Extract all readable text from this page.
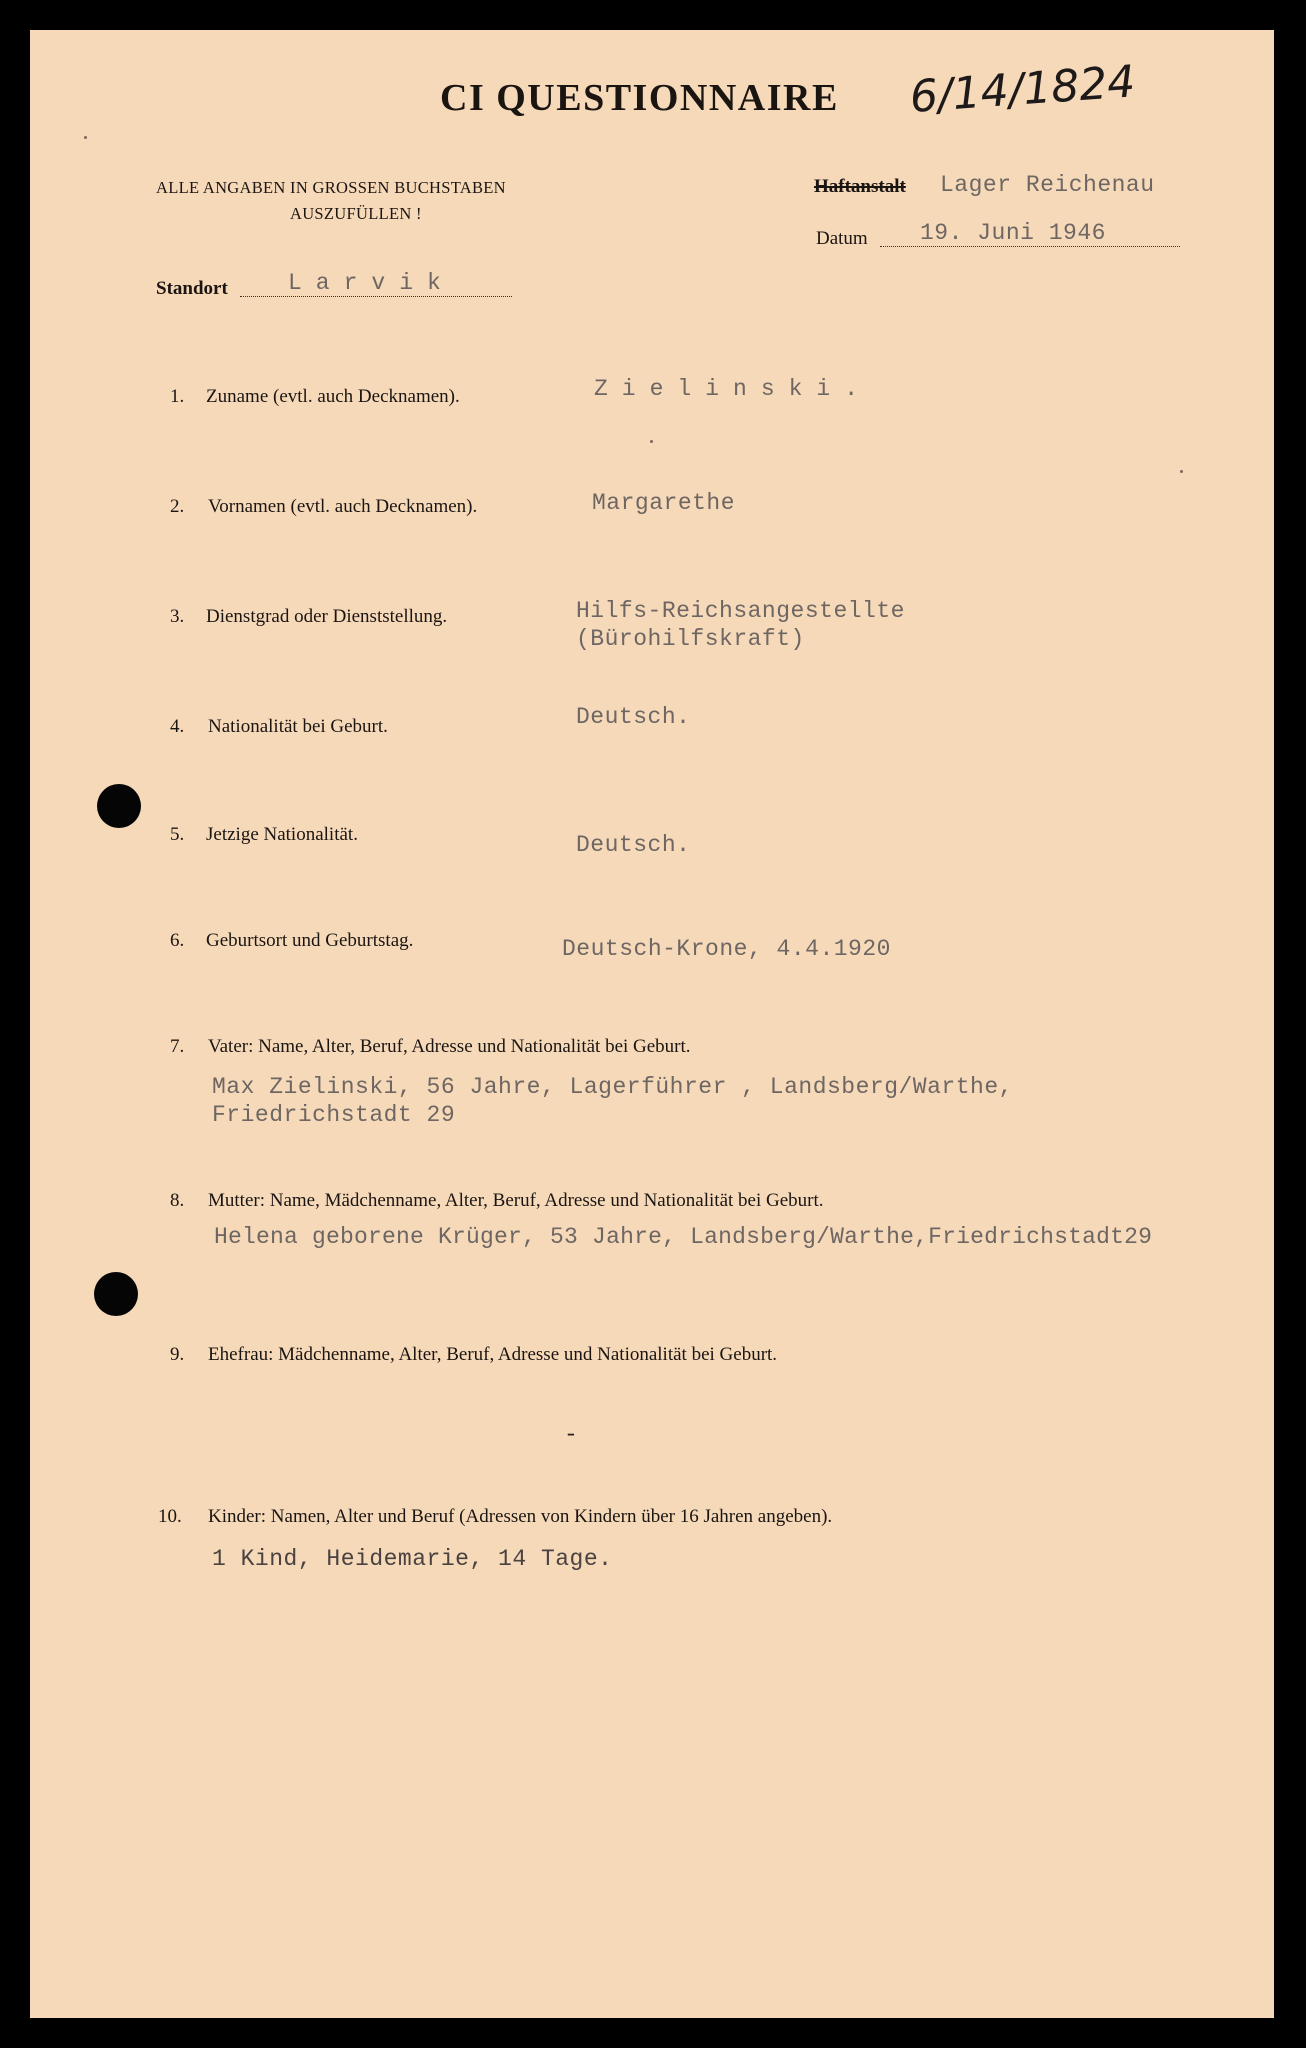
CI QUESTIONNAIRE 6/14/1824
ALLE ANGABEN IN GROSSEN BUCHSTABEN
AUSZUFÜLLEN !
Haftanstalt Lager Reichenau
Datum 19. Juni 1946
Standort	Larvik
1. Zuname (evtl. auch Decknamen).	Zielinski.
2. Vornamen (evtl. auch Decknamen).	Margarethe
3. Dienstgrad oder Dienststellung.	Hilfs-Reichsangestellte
(Bürohilfskraft)
4. Nationalität bei Geburt.	Deutsch.
5. Jetzige Nationalität.	Deutsch.
6. Geburtsort und Geburtstag.	Deutsch-Krone, 4.4.1920
7. Vater: Name, Alter, Beruf, Adresse und Nationalität bei Geburt.
Max Zielinski, 56 Jahre, Lagerführer , Landsberg/Warthe,
Friedrichstadt 29
8. Mutter: Name, Mädchenname, Alter, Beruf, Adresse und Nationalität bei Geburt.
Helena geborene Krüger, 53 Jahre, Landsberg/Warthe,Friedrichstadt29
9. Ehefrau: Mädchenname, Alter, Beruf, Adresse und Nationalität bei Geburt.
-
10. Kinder: Namen, Alter und Beruf (Adressen von Kindern über 16 Jahren angeben).
1 Kind, Heidemarie, 14 Tage.
